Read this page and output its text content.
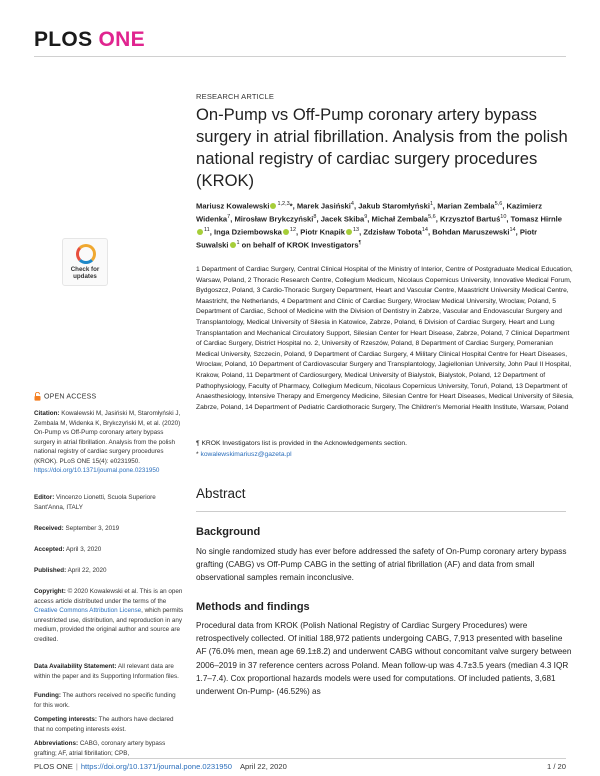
PLOS ONE
RESEARCH ARTICLE
On-Pump vs Off-Pump coronary artery bypass surgery in atrial fibrillation. Analysis from the polish national registry of cardiac surgery procedures (KROK)
Mariusz Kowalewski $^{1,2,3}$*, Marek Jasiński$^4$, Jakub Staromłyński$^1$, Marian Zembala$^{5,6}$, Kazimierz Widenka$^7$, Mirosław Brykczyński$^8$, Jacek Skiba$^9$, Michał Zembala$^{5,6}$, Krzysztof Bartuś$^{10}$, Tomasz Hirnle$^{11}$, Inga Dziembowska $^{12}$, Piotr Knapik $^{13}$, Zdzisław Tobota$^{14}$, Bohdan Maruszewski$^{14}$, Piotr Suwalski $^1$ on behalf of KROK Investigators¶
1 Department of Cardiac Surgery, Central Clinical Hospital of the Ministry of Interior, Centre of Postgraduate Medical Education, Warsaw, Poland, 2 Thoracic Research Centre, Collegium Medicum, Nicolaus Copernicus University, Innovative Medical Forum, Bydgoszcz, Poland, 3 Cardio-Thoracic Surgery Department, Heart and Vascular Centre, Maastricht University Medical Centre, Maastricht, the Netherlands, 4 Department and Clinic of Cardiac Surgery, Wroclaw Medical University, Wroclaw, Poland, 5 Department of Cardiac, School of Medicine with the Division of Dentistry in Zabrze, Vascular and Endovascular Surgery and Transplantology, Medical University of Silesia in Katowice, Zabrze, Poland, 6 Division of Cardiac Surgery, Heart and Lung Transplantation and Mechanical Circulatory Support, Silesian Center for Heart Disease, Zabrze, Poland, 7 Clinical Department of Cardiac Surgery, District Hospital no. 2, University of Rzeszów, Poland, 8 Department of Cardiac Surgery, Pomeranian Medical University, Szczecin, Poland, 9 Department of Cardiac Surgery, 4 Military Clinical Hospital Centre for Heart Diseases, Wroclaw, Poland, 10 Department of Cardiovascular Surgery and Transplantology, Jagiellonian University, John Paul II Hospital, Krakow, Poland, 11 Department of Cardiosurgery, Medical University of Bialystok, Bialystok, Poland, 12 Department of Pathophysiology, Faculty of Pharmacy, Collegium Medicum, Nicolaus Copernicus University, Toruń, Poland, 13 Department of Anaesthesiology, Intensive Therapy and Emergency Medicine, Silesian Centre for Heart Diseases, Medical University of Silesia, Zabrze, Poland, 14 Department of Pediatric Cardiothoracic Surgery, The Children's Memorial Health Institute, Warsaw, Poland
¶ KROK Investigators list is provided in the Acknowledgements section.
* kowalewskimariusz@gazeta.pl
Abstract
Background
No single randomized study has ever before addressed the safety of On-Pump coronary artery bypass grafting (CABG) vs Off-Pump CABG in the setting of atrial fibrillation (AF) and data from small observational samples remain inconclusive.
Methods and findings
Procedural data from KROK (Polish National Registry of Cardiac Surgery Procedures) were retrospectively collected. Of initial 188,972 patients undergoing CABG, 7,913 presented with baseline AF (76.0% men, mean age 69.1±8.2) and underwent CABG without concomitant valve surgery between 2006–2019 in 37 reference centers across Poland. Mean follow-up was 4.7±3.5 years (median 4.3 IQR 1.7–7.4). Cox proportional hazards models were used for computations. Of included patients, 3,681 underwent On-Pump- (46.52%) as
Check for
updates
OPEN ACCESS
Citation: Kowalewski M, Jasiński M, Staromłyński J, Zembala M, Widenka K, Brykczyński M, et al. (2020) On-Pump vs Off-Pump coronary artery bypass surgery in atrial fibrillation. Analysis from the polish national registry of cardiac surgery procedures (KROK). PLoS ONE 15(4): e0231950. https://doi.org/10.1371/journal.pone.0231950
Editor: Vincenzo Lionetti, Scuola Superiore Sant'Anna, ITALY
Received: September 3, 2019
Accepted: April 3, 2020
Published: April 22, 2020
Copyright: © 2020 Kowalewski et al. This is an open access article distributed under the terms of the Creative Commons Attribution License, which permits unrestricted use, distribution, and reproduction in any medium, provided the original author and source are credited.
Data Availability Statement: All relevant data are within the paper and its Supporting Information files.
Funding: The authors received no specific funding for this work.
Competing interests: The authors have declared that no competing interests exist.
Abbreviations: CABG, coronary artery bypass grafting; AF, atrial fibrillation; CPB,
PLOS ONE | https://doi.org/10.1371/journal.pone.0231950 April 22, 2020	1 / 20
